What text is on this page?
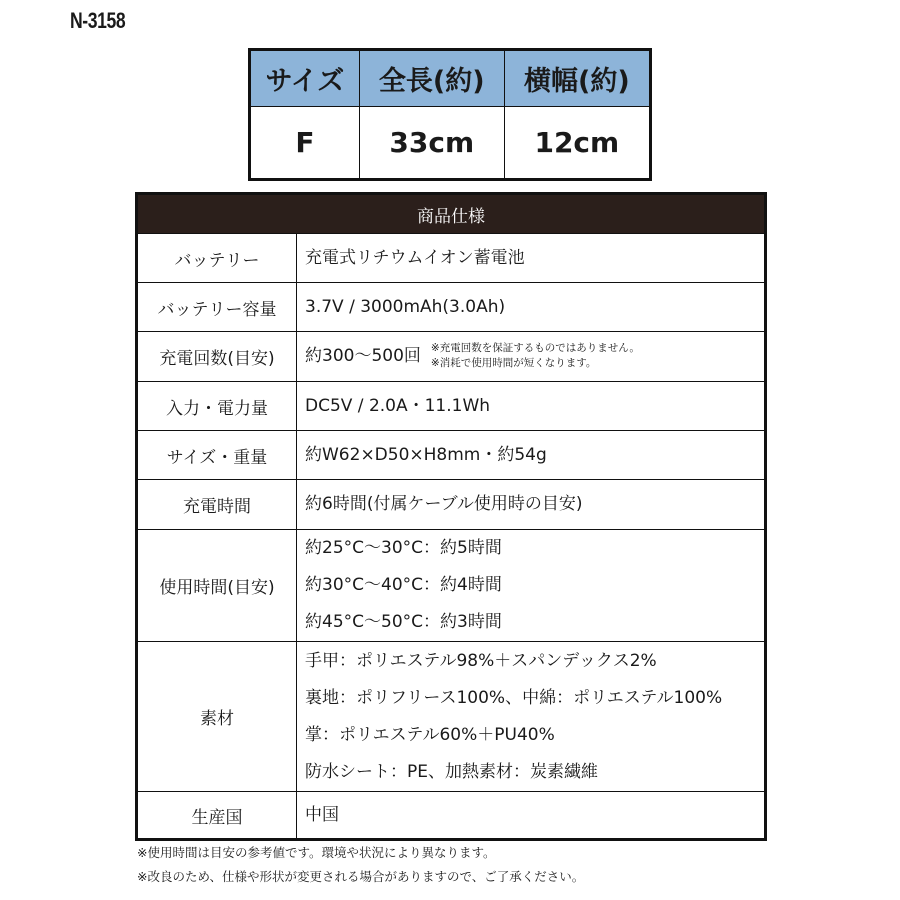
N-3158
サイズ	全長(約)	横幅(約)
F	33cm	12cm
商品仕様	
バッテリー	充電式リチウムイオン蓄電池

バッテリー容量	3.7V / 3000mAh(3.0Ah)

充電回数(目安)	約300〜500回 ※充電回数を保証するものではありません。
※消耗で使用時間が短くなります。

入力・電力量	DC5V / 2.0A・11.1Wh

サイズ・重量	約W62×D50×H8mm・約54g

充電時間	約6時間(付属ケーブル使用時の目安)

使用時間(目安)	約25°C〜30°C：約5時間
約30°C〜40°C：約4時間
約45°C〜50°C：約3時間

素材	手甲：ポリエステル98%＋スパンデックス2%
裏地：ポリフリース100%、中綿：ポリエステル100%
掌：ポリエステル60%＋PU40%
防水シート：PE、加熱素材：炭素繊維

生産国	中国
※使用時間は目安の参考値です。環境や状況により異なります。
※改良のため、仕様や形状が変更される場合がありますので、ご了承ください。
